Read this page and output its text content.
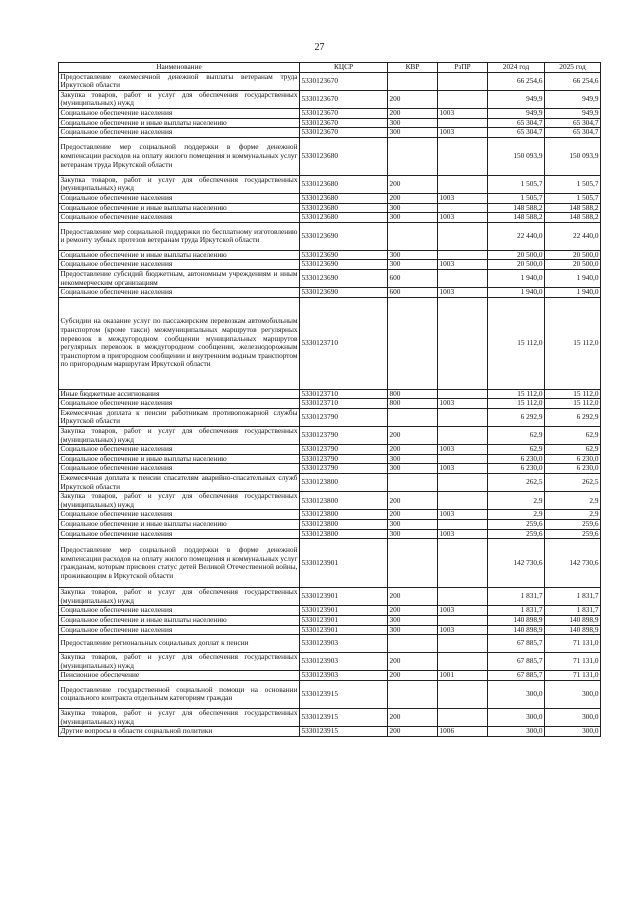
27
Наименование	КЦСР	КВР	РзПР	2024 год	2025 год
Предоставление ежемесячной денежной выплаты ветеранам труда Иркутской области	5330123670			66 254,6	66 254,6
Закупка товаров, работ и услуг для обеспечения государственных (муниципальных) нужд	5330123670	200		949,9	949,9
Социальное обеспечение населения	5330123670	200	1003	949,9	949,9
Социальное обеспечение и иные выплаты населению	5330123670	300		65 304,7	65 304,7
Социальное обеспечение населения	5330123670	300	1003	65 304,7	65 304,7
Предоставление мер социальной поддержки в форме денежной компенсации расходов на оплату жилого помещения и коммунальных услуг ветеранам труда Иркутской области	5330123680			150 093,9	150 093,9
Закупка товаров, работ и услуг для обеспечения государственных (муниципальных) нужд	5330123680	200		1 505,7	1 505,7
Социальное обеспечение населения	5330123680	200	1003	1 505,7	1 505,7
Социальное обеспечение и иные выплаты населению	5330123680	300		148 588,2	148 588,2
Социальное обеспечение населения	5330123680	300	1003	148 588,2	148 588,2
Предоставление мер социальной поддержки по бесплатному изготовлению и ремонту зубных протезов ветеранам труда Иркутской области	5330123690			22 440,0	22 440,0
Социальное обеспечение и иные выплаты населению	5330123690	300		20 500,0	20 500,0
Социальное обеспечение населения	5330123690	300	1003	20 500,0	20 500,0
Предоставление субсидий бюджетным, автономным учреждениям и иным некоммерческим организациям	5330123690	600		1 940,0	1 940,0
Социальное обеспечение населения	5330123690	600	1003	1 940,0	1 940,0
Субсидии на оказание услуг по пассажирским перевозкам автомобильным транспортом (кроме такси) межмуниципальных маршрутов регулярных перевозок в междугородном сообщении муниципальных маршрутов регулярных перевозок в междугородном сообщении, железнодорожным транспортом в пригородном сообщении и внутренним водным транспортом по пригородным маршрутам Иркутской области	5330123710			15 112,0	15 112,0
Иные бюджетные ассигнования	5330123710	800		15 112,0	15 112,0
Социальное обеспечение населения	5330123710	800	1003	15 112,0	15 112,0
Ежемесячная доплата к пенсии работникам противопожарной службы Иркутской области	5330123790			6 292,9	6 292,9
Закупка товаров, работ и услуг для обеспечения государственных (муниципальных) нужд	5330123790	200		62,9	62,9
Социальное обеспечение населения	5330123790	200	1003	62,9	62,9
Социальное обеспечение и иные выплаты населению	5330123790	300		6 230,0	6 230,0
Социальное обеспечение населения	5330123790	300	1003	6 230,0	6 230,0
Ежемесячная доплата к пенсии спасателям аварийно-спасательных служб Иркутской области	5330123800			262,5	262,5
Закупка товаров, работ и услуг для обеспечения государственных (муниципальных) нужд	5330123800	200		2,9	2,9
Социальное обеспечение населения	5330123800	200	1003	2,9	2,9
Социальное обеспечение и иные выплаты населению	5330123800	300		259,6	259,6
Социальное обеспечение населения	5330123800	300	1003	259,6	259,6
Предоставление мер социальной поддержки в форме денежной компенсации расходов на оплату жилого помещения и коммунальных услуг гражданам, которым присвоен статус детей Великой Отечественной войны, проживающим в Иркутской области	5330123901			142 730,6	142 730,6
Закупка товаров, работ и услуг для обеспечения государственных (муниципальных) нужд	5330123901	200		1 831,7	1 831,7
Социальное обеспечение населения	5330123901	200	1003	1 831,7	1 831,7
Социальное обеспечение и иные выплаты населению	5330123901	300		140 898,9	140 898,9
Социальное обеспечение населения	5330123901	300	1003	140 898,9	140 898,9
Предоставление региональных социальных доплат к пенсии	5330123903			67 885,7	71 131,0
Закупка товаров, работ и услуг для обеспечения государственных (муниципальных) нужд	5330123903	200		67 885,7	71 131,0
Пенсионное обеспечение	5330123903	200	1001	67 885,7	71 131,0
Предоставление государственной социальной помощи на основании социального контракта отдельным категориям граждан	5330123915			300,0	300,0
Закупка товаров, работ и услуг для обеспечения государственных (муниципальных) нужд	5330123915	200		300,0	300,0
Другие вопросы в области социальной политики	5330123915	200	1006	300,0	300,0
